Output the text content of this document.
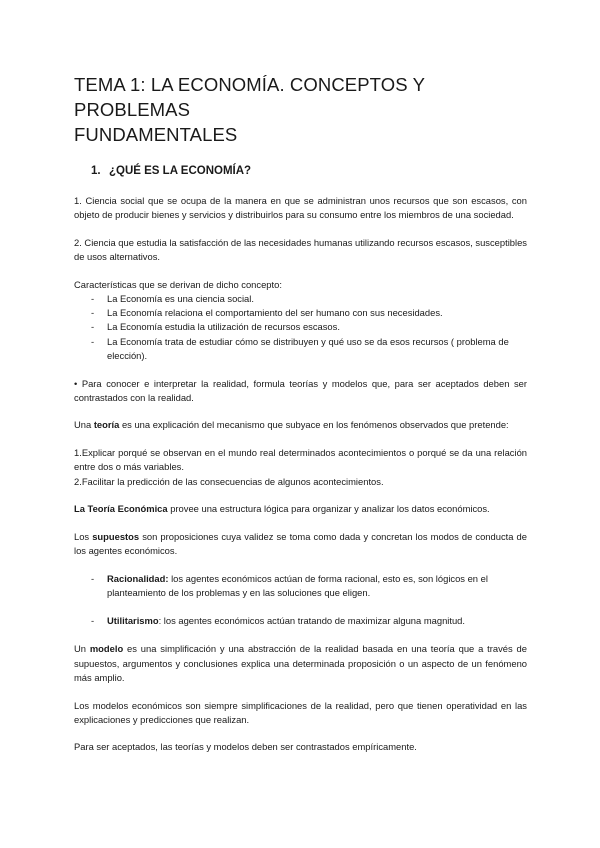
TEMA 1: LA ECONOMÍA. CONCEPTOS Y PROBLEMAS
FUNDAMENTALES
1. ¿QUÉ ES LA ECONOMÍA?

1. Ciencia social que se ocupa de la manera en que se administran unos recursos que son escasos, con objeto de producir bienes y servicios y distribuirlos para su consumo entre los miembros de una sociedad.

2. Ciencia que estudia la satisfacción de las necesidades humanas utilizando recursos escasos, susceptibles de usos alternativos.

Características que se derivan de dicho concepto:

- La Economía es una ciencia social.
- La Economía relaciona el comportamiento del ser humano con sus necesidades.
- La Economía estudia la utilización de recursos escasos.
- La Economía trata de estudiar cómo se distribuyen y qué uso se da esos recursos ( problema de elección).

• Para conocer e interpretar la realidad, formula teorías y modelos que, para ser aceptados deben ser contrastados con la realidad.

Una teoría es una explicación del mecanismo que subyace en los fenómenos observados que pretende:

1.Explicar porqué se observan en el mundo real determinados acontecimientos o porqué se da una relación entre dos o más variables.

2.Facilitar la predicción de las consecuencias de algunos acontecimientos.

La Teoría Económica provee una estructura lógica para organizar y analizar los datos económicos.

Los supuestos son proposiciones cuya validez se toma como dada y concretan los modos de conducta de los agentes económicos.

- Racionalidad: los agentes económicos actúan de forma racional, esto es, son lógicos en el planteamiento de los problemas y en las soluciones que eligen.
- Utilitarismo: los agentes económicos actúan tratando de maximizar alguna magnitud.

Un modelo es una simplificación y una abstracción de la realidad basada en una teoría que a través de supuestos, argumentos y conclusiones explica una determinada proposición o un aspecto de un fenómeno más amplio.

Los modelos económicos son siempre simplificaciones de la realidad, pero que tienen operatividad en las explicaciones y predicciones que realizan.

Para ser aceptados, las teorías y modelos deben ser contrastados empíricamente.
